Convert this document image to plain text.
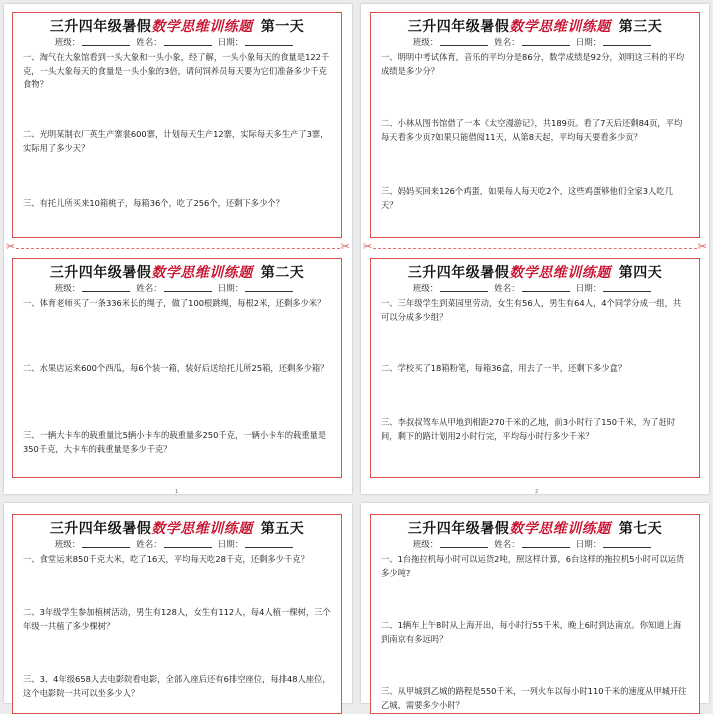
三升四年级暑假数学思维训练题 第一天
班级：	姓名：	日期：
一、淘气在大象馆看到一头大象和一头小象，经了解，一头小象每天的食量是122千克，一头大象每天的食量是一头小象的3倍，请问饲养员每天要为它们准备多少千克食物？
二、光明某制衣厂英生产寨裳600寨，计划每天生产12寨，实际每天多生产了3寨，实际用了多少天？
三、有托儿所买来10箱桃子，每箱36个，吃了256个，还剩下多少个？
三升四年级暑假数学思维训练题 第三天
班级：	姓名：	日期：
一、明明中考试体育，音乐的平均分是86分，数学成绩是92分，刘明这三科的平均成绩是多少分？
二、小林从图书馆借了一本《太空漫游记》，共189页。看了7天后还剩84页，平均每天看多少页?如果只能借阅11天，从第8天起，平均每天要看多少页？
三、妈妈买回来126个鸡蛋，如果每人每天吃2个，这些鸡蛋够他们全家3人吃几天？
✂	✂ ✂	✂
三升四年级暑假数学思维训练题 第二天
班级：	姓名：	日期：
一、体育老师买了一条336米长的绳子，做了100根跳绳，每根2米，还剩多少米？
二、水果店运来600个西瓜，每6个装一箱，装好后送给托儿所25箱，还剩多少箱？
三、一辆大卡车的载重量比5辆小卡车的载重量多250千克，一辆小卡车的载重量是350千克，大卡车的载重量是多少千克？
三升四年级暑假数学思维训练题 第四天
班级：	姓名：	日期：
一、三年级学生到菜园里劳动，女生有56人，男生有64人，4个同学分成一组，共可以分成多少组？
二、学校买了18箱粉笔，每箱36盒，用去了一半，还剩下多少盒？
三、李叔叔驾车从甲地到相距270千米的乙地，前3小时行了150千米，为了赶时间，剩下的路计划用2小时行完，平均每小时行多少千米？
1	2
三升四年级暑假数学思维训练题 第五天
班级：	姓名：	日期：
一、食堂运来850千克大米，吃了16天，平均每天吃28千克，还剩多少千克？
二、3年级学生参加植树活动，男生有128人，女生有112人，每4人植一棵树，三个年级一共植了多少棵树？
三、3、4年级658人去电影院看电影，全部入座后还有6排空座位，每排48人座位，这个电影院一共可以坐多少人？
三升四年级暑假数学思维训练题 第七天
班级：	姓名：	日期：
一、1台拖拉机每小时可以运货2吨，照这样计算，6台这样的拖拉机5小时可以运货多少吨?
二、1辆车上午8时从上海开出，每小时行55千米，晚上6时到达南京。你知道上海到南京有多远吗？
三、从甲城到乙城的路程是550千米，一列火车以每小时110千米的速度从甲城开往乙城，需要多少小时？
